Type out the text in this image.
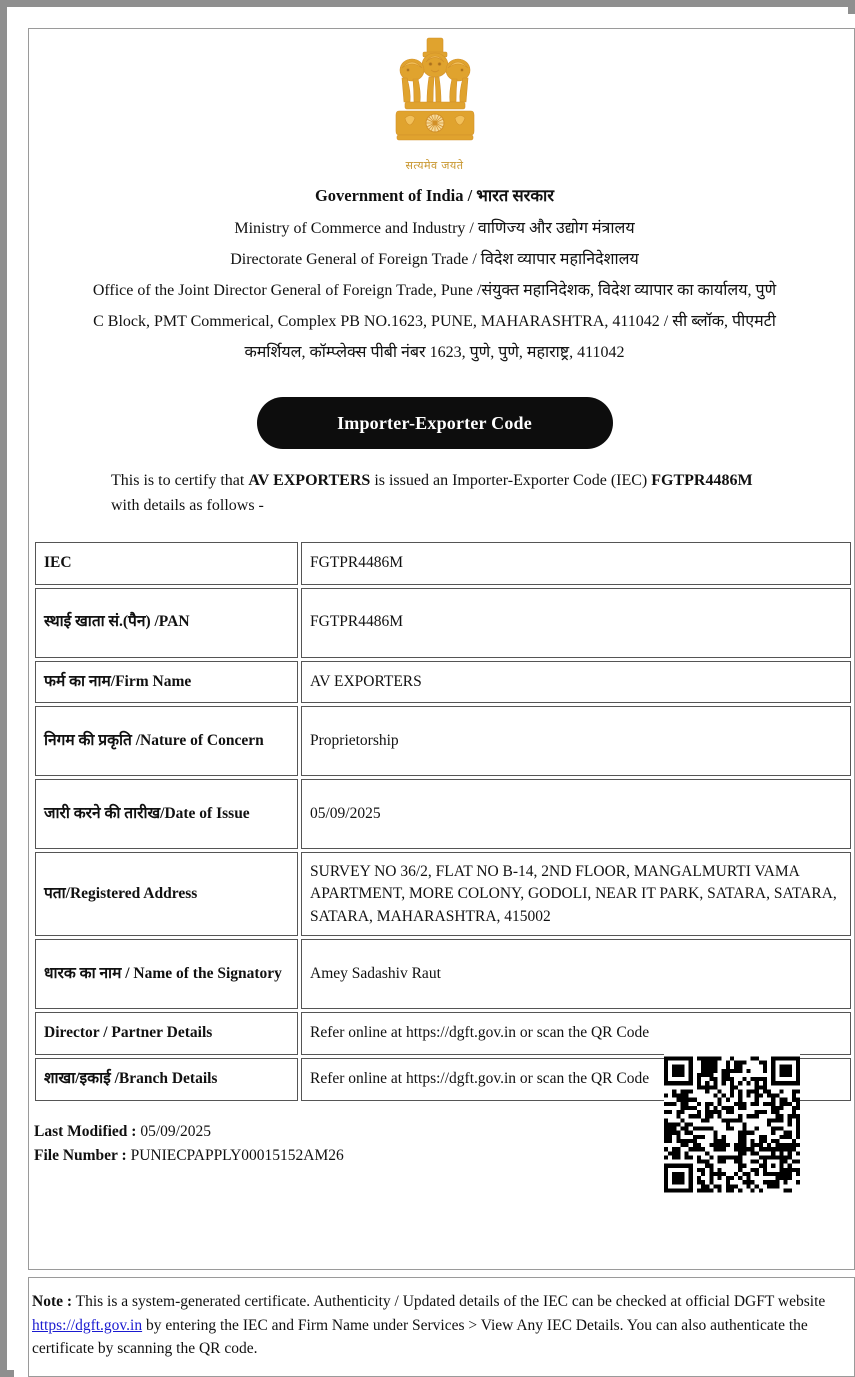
सत्यमेव जयते
Government of India / भारत सरकार
Ministry of Commerce and Industry / वाणिज्य और उद्योग मंत्रालय
Directorate General of Foreign Trade / विदेश व्यापार महानिदेशालय
Office of the Joint Director General of Foreign Trade, Pune /संयुक्त महानिदेशक, विदेश व्यापार का कार्यालय, पुणे
C Block, PMT Commerical, Complex PB NO.1623, PUNE, MAHARASHTRA, 411042 / सी ब्लॉक, पीएमटी
कमर्शियल, कॉम्प्लेक्स पीबी नंबर 1623, पुणे, पुणे, महाराष्ट्र, 411042
Importer-Exporter Code
This is to certify that AV EXPORTERS is issued an Importer-Exporter Code (IEC) FGTPR4486M with details as follows -
IEC	FGTPR4486M
स्थाई खाता सं.(पैन) /PAN	FGTPR4486M
फर्म का नाम/Firm Name	AV EXPORTERS
निगम की प्रकृति /Nature of Concern	Proprietorship
जारी करने की तारीख/Date of Issue	05/09/2025
पता/Registered Address	SURVEY NO 36/2, FLAT NO B-14, 2ND FLOOR, MANGALMURTI VAMA APARTMENT, MORE COLONY, GODOLI, NEAR IT PARK, SATARA, SATARA, SATARA, MAHARASHTRA, 415002
धारक का नाम / Name of the Signatory	Amey Sadashiv Raut
Director / Partner Details	Refer online at https://dgft.gov.in or scan the QR Code
शाखा/इकाई /Branch Details	Refer online at https://dgft.gov.in or scan the QR Code
Last Modified : 05/09/2025
File Number : PUNIECPAPPLY00015152AM26
Note : This is a system-generated certificate. Authenticity / Updated details of the IEC can be checked at official DGFT website https://dgft.gov.in by entering the IEC and Firm Name under Services > View Any IEC Details. You can also authenticate the certificate by scanning the QR code.
